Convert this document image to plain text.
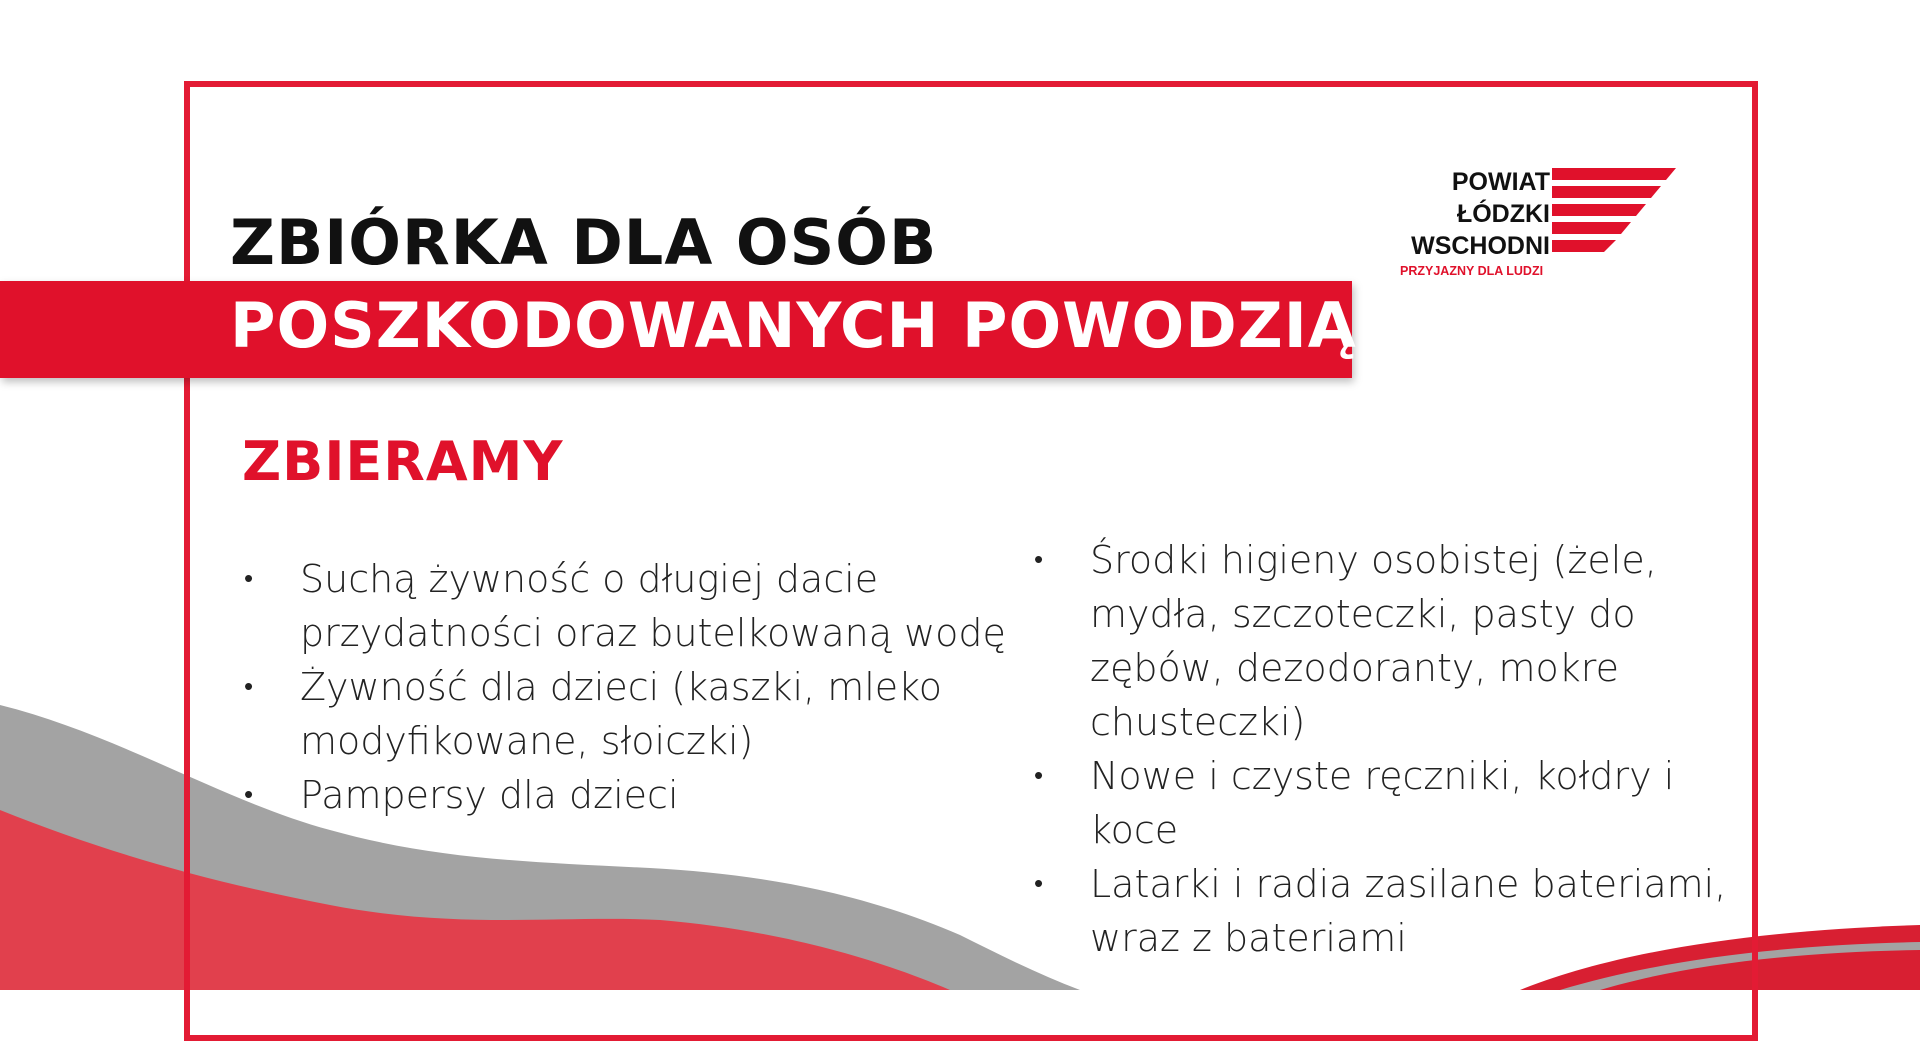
ZBIÓRKA DLA OSÓB
POSZKODOWANYCH POWODZIĄ
POWIAT
ŁÓDZKI
WSCHODNI
PRZYJAZNY DLA LUDZI
ZBIERAMY
• Suchą żywność o długiej dacie przydatności oraz butelkowaną wodę
• Żywność dla dzieci (kaszki, mleko modyfikowane, słoiczki)
• Pampersy dla dzieci
• Środki higieny osobistej (żele, mydła, szczoteczki, pasty do zębów, dezodoranty, mokre chusteczki)
• Nowe i czyste ręczniki, kołdry i koce
• Latarki i radia zasilane bateriami, wraz z bateriami
